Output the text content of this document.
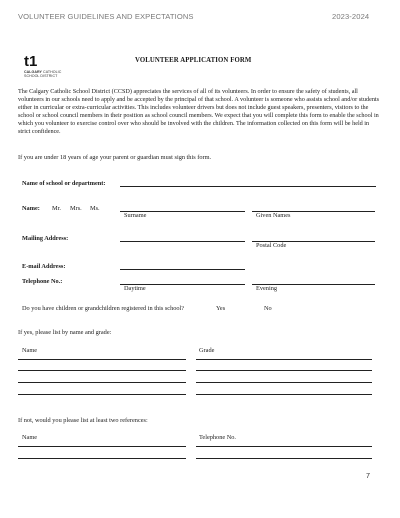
VOLUNTEER GUIDELINES AND EXPECTATIONS	2023-2024
t1
CALGARY CATHOLIC
SCHOOL DISTRICT
VOLUNTEER APPLICATION FORM
The Calgary Catholic School District (CCSD) appreciates the services of all of its volunteers. In order to ensure the safety of students, all volunteers in our schools need to apply and be accepted by the principal of that school. A volunteer is someone who assists school and/or students either in curricular or extra-curricular activities. This includes volunteer drivers but does not include guest speakers, presenters, visitors to the school or school council members in their position as school council members. We expect that you will complete this form to enable the school in which you volunteer to exercise control over who should be involved with the children. The information collected on this form will be held in strict confidence.
If you are under 18 years of age your parent or guardian must sign this form.
Name of school or department:
Name: Mr. Mrs. Ms.
Surname	Given Names
Mailing Address:
Postal Code
E-mail Address:
Telephone No.:
Daytime	Evening
Do you have children or grandchildren registered in this school?	Yes	No
If yes, please list by name and grade:
Name	Grade
If not, would you please list at least two references:
Name	Telephone No.
7
